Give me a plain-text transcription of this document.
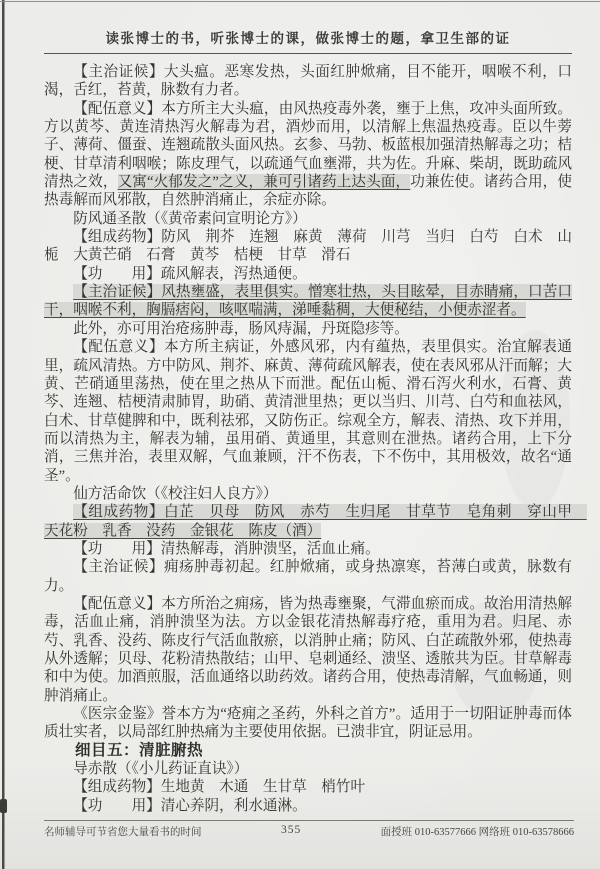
读张博士的书，听张博士的课，做张博士的题，拿卫生部的证

【主治证候】大头瘟。恶寒发热，头面红肿焮痛，目不能开，咽喉不利，口渴，舌红，苔黄，脉数有力者。

【配伍意义】本方所主大头瘟，由风热疫毒外袭，壅于上焦，攻冲头面所致。方以黄芩、黄连清热泻火解毒为君，酒炒而用，以清解上焦温热疫毒。臣以牛蒡子、薄荷、僵蚕、连翘疏散头面风热。玄参、马勃、板蓝根加强清热解毒之功；桔梗、甘草清利咽喉；陈皮理气，以疏通气血壅滞，共为佐。升麻、柴胡，既助疏风清热之效，又寓“火郁发之”之义，兼可引诸药上达头面，功兼佐使。诸药合用，使热毒解而风邪散，自然肿消痛止，余症亦除。

防风通圣散（《黄帝素问宣明论方》）

【组成药物】防风　荆芥　连翘　麻黄　薄荷　川芎　当归　白芍　白术　山栀　大黄芒硝　石膏　黄芩　桔梗　甘草　滑石

【功　　用】疏风解表，泻热通便。

【主治证候】风热壅盛，表里俱实。憎寒壮热，头目眩晕，目赤睛痛，口苦口干，咽喉不利，胸膈痞闷，咳呕喘满，涕唾黏稠，大便秘结，小便赤涩者。

此外，亦可用治疮疡肿毒，肠风痔漏，丹斑隐疹等。

【配伍意义】本方所主病证，外感风邪，内有蕴热，表里俱实。治宜解表通里，疏风清热。方中防风、荆芥、麻黄、薄荷疏风解表，使在表风邪从汗而解；大黄、芒硝通里荡热，使在里之热从下而泄。配伍山栀、滑石泻火利水，石膏、黄芩、连翘、桔梗清肃肺胃，助硝、黄清泄里热；更以当归、川芎、白芍和血祛风，白术、甘草健脾和中，既利祛邪，又防伤正。综观全方，解表、清热、攻下并用，而以清热为主，解表为辅，虽用硝、黄通里，其意则在泄热。诸药合用，上下分消，三焦并治，表里双解，气血兼顾，汗不伤表，下不伤中，其用极效，故名“通圣”。

仙方活命饮（《校注妇人良方》）

【组成药物】白芷　贝母　防风　赤芍　生归尾　甘草节　皂角刺　穿山甲　天花粉　乳香　没药　金银花　陈皮（酒）

【功　　用】清热解毒，消肿溃坚，活血止痛。

【主治证候】痈疡肿毒初起。红肿焮痛，或身热凛寒，苔薄白或黄，脉数有力。

【配伍意义】本方所治之痈疡，皆为热毒壅聚，气滞血瘀而成。故治用清热解毒，活血止痛，消肿溃坚为法。方以金银花清热解毒疗疮，重用为君。归尾、赤芍、乳香、没药、陈皮行气活血散瘀，以消肿止痛；防风、白芷疏散外邪，使热毒从外透解；贝母、花粉清热散结；山甲、皂刺通经、溃坚、透脓共为臣。甘草解毒和中为使。加酒煎服，活血通络以助药效。诸药合用，使热毒清解，气血畅通，则肿消痛止。

《医宗金鉴》誉本方为“疮痈之圣药，外科之首方”。适用于一切阳证肿毒而体质壮实者，以局部红肿热痛为主要使用依据。已溃非宜，阴证忌用。

细目五：清脏腑热

导赤散（《小儿药证直诀》）

【组成药物】生地黄　木通　生甘草　梢竹叶

【功　　用】清心养阴，利水通淋。

名师辅导可节省您大量看书的时间	355	面授班 010-63577666 网络班 010-63578666
